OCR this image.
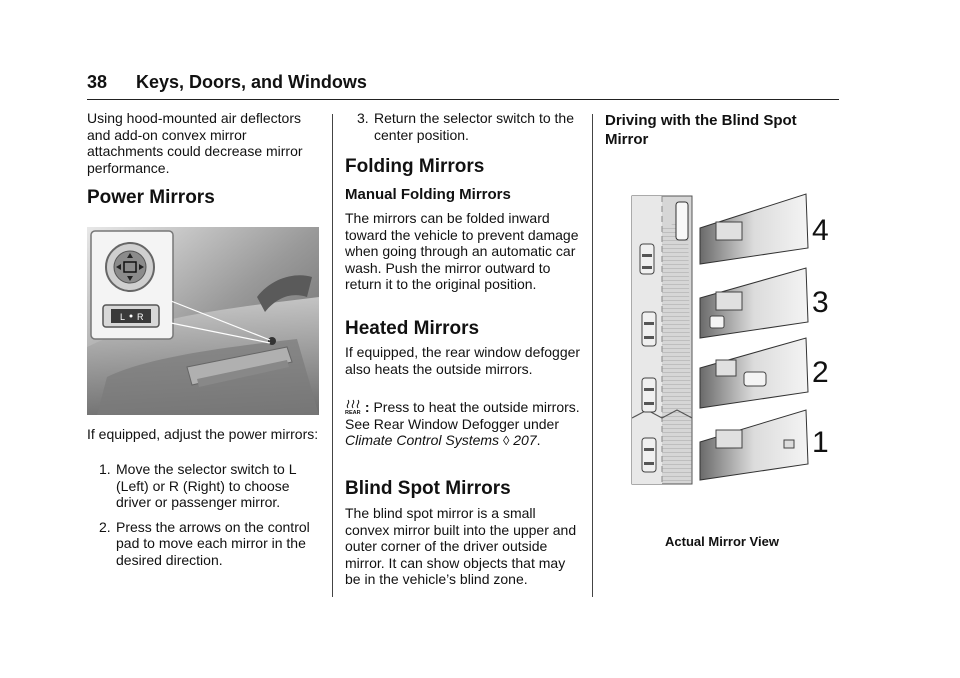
38 Keys, Doors, and Windows
Using hood-mounted air deflectors and add-on convex mirror attachments could decrease mirror performance.
Power Mirrors
L R
If equipped, adjust the power mirrors:
1. Move the selector switch to L (Left) or R (Right) to choose driver or passenger mirror.
2. Press the arrows on the control pad to move each mirror in the desired direction.
3. Return the selector switch to the center position.
Folding Mirrors
Manual Folding Mirrors
The mirrors can be folded inward toward the vehicle to prevent damage when going through an automatic car wash. Push the mirror outward to return it to the original position.
Heated Mirrors
If equipped, the rear window defogger also heats the outside mirrors.
REAR : Press to heat the outside mirrors. See Rear Window Defogger under Climate Control Systems ◊ 207.
Blind Spot Mirrors
The blind spot mirror is a small convex mirror built into the upper and outer corner of the driver outside mirror. It can show objects that may be in the vehicle’s blind zone.
Driving with the Blind Spot Mirror
4
3
2
1
Actual Mirror View
